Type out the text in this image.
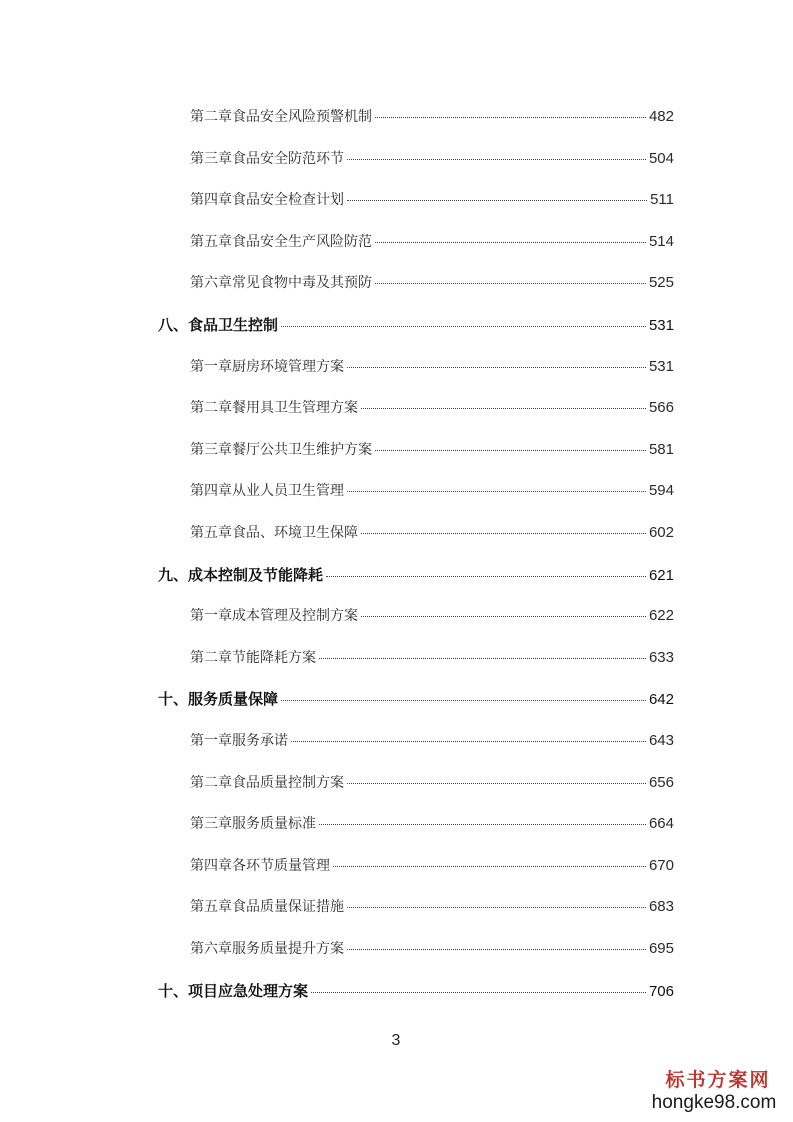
第二章食品安全风险预警机制	482
第三章食品安全防范环节	504
第四章食品安全检查计划	511
第五章食品安全生产风险防范	514
第六章常见食物中毒及其预防	525
八、食品卫生控制	531
第一章厨房环境管理方案	531
第二章餐用具卫生管理方案	566
第三章餐厅公共卫生维护方案	581
第四章从业人员卫生管理	594
第五章食品、环境卫生保障	602
九、成本控制及节能降耗	621
第一章成本管理及控制方案	622
第二章节能降耗方案	633
十、服务质量保障	642
第一章服务承诺	643
第二章食品质量控制方案	656
第三章服务质量标准	664
第四章各环节质量管理	670
第五章食品质量保证措施	683
第六章服务质量提升方案	695
十、项目应急处理方案	706
3
标书方案网
hongke98.com
